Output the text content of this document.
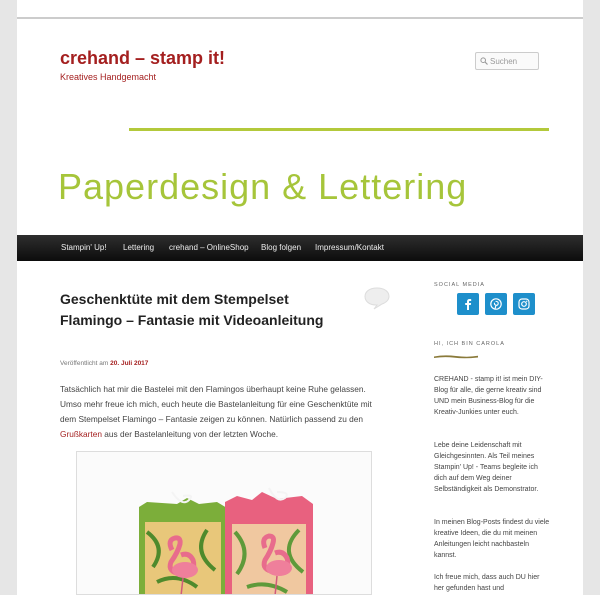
crehand – stamp it!
Kreatives Handgemacht
Suchen
Paperdesign & Lettering
Stampin' Up! Lettering crehand – OnlineShop Blog folgen Impressum/Kontakt
Geschenktüte mit dem Stempelset Flamingo – Fantasie mit Videoanleitung
Veröffentlicht am 20. Juli 2017

Tatsächlich hat mir die Bastelei mit den Flamingos überhaupt keine Ruhe gelassen. Umso mehr freue ich mich, euch heute die Bastelanleitung für eine Geschenktüte mit dem Stempelset Flamingo – Fantasie zeigen zu können. Natürlich passend zu den Grußkarten aus der Bastelanleitung von der letzten Woche.

SOCIAL MEDIA
HI, ICH BIN CAROLA

CREHAND - stamp it! ist mein DIY-Blog für alle, die gerne kreativ sind UND mein Business-Blog für die Kreativ-Junkies unter euch.

Lebe deine Leidenschaft mit Gleichgesinnten. Als Teil meines Stampin' Up! - Teams begleite ich dich auf dem Weg deiner Selbständigkeit als Demonstrator.

In meinen Blog-Posts findest du viele kreative Ideen, die du mit meinen Anleitungen leicht nachbasteln kannst.

Ich freue mich, dass auch DU hier her gefunden hast und
